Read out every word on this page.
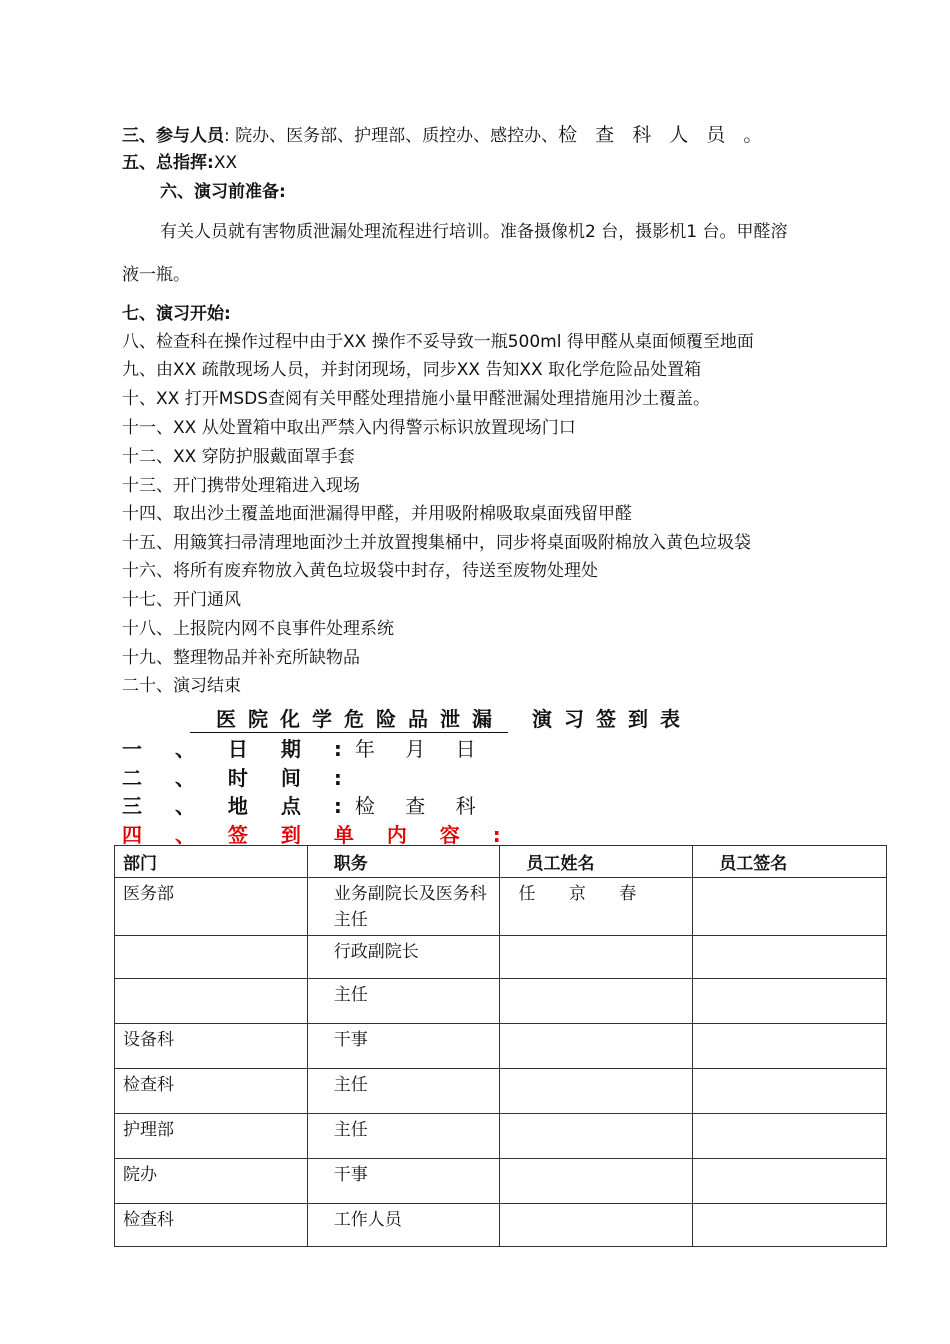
三、参与人员: 院办、医务部、护理部、质控办、感控办、检 查 科 人 员 。
五、总指挥:XX
六、演习前准备:
有关人员就有害物质泄漏处理流程进行培训。准备摄像机2 台，摄影机1 台。甲醛溶
液一瓶。
七、演习开始:
八、检查科在操作过程中由于XX 操作不妥导致一瓶500ml 得甲醛从桌面倾覆至地面
九、由XX 疏散现场人员，并封闭现场，同步XX 告知XX 取化学危险品处置箱
十、XX 打开MSDS查阅有关甲醛处理措施小量甲醛泄漏处理措施用沙土覆盖。
十一、XX 从处置箱中取出严禁入内得警示标识放置现场门口
十二、XX 穿防护服戴面罩手套
十三、开门携带处理箱进入现场
十四、取出沙土覆盖地面泄漏得甲醛，并用吸附棉吸取桌面残留甲醛
十五、用簸箕扫帚清理地面沙土并放置搜集桶中，同步将桌面吸附棉放入黄色垃圾袋
十六、将所有废弃物放入黄色垃圾袋中封存，待送至废物处理处
十七、开门通风
十八、上报院内网不良事件处理系统
十九、整理物品并补充所缺物品
二十、演习结束
医院化学危险品泄漏 演习签到表
一 、 日 期 :年 月 日
二 、 时 间 :
三 、 地 点 :检 查 科
四 、 签 到 单 内 容 :
部门	职务	员工姓名	员工签名
医务部	业务副院长及医务科主任	任 京 春	
	行政副院长		
	主任		
设备科	干事		
检查科	主任		
护理部	主任		
院办	干事		
检查科	工作人员		
